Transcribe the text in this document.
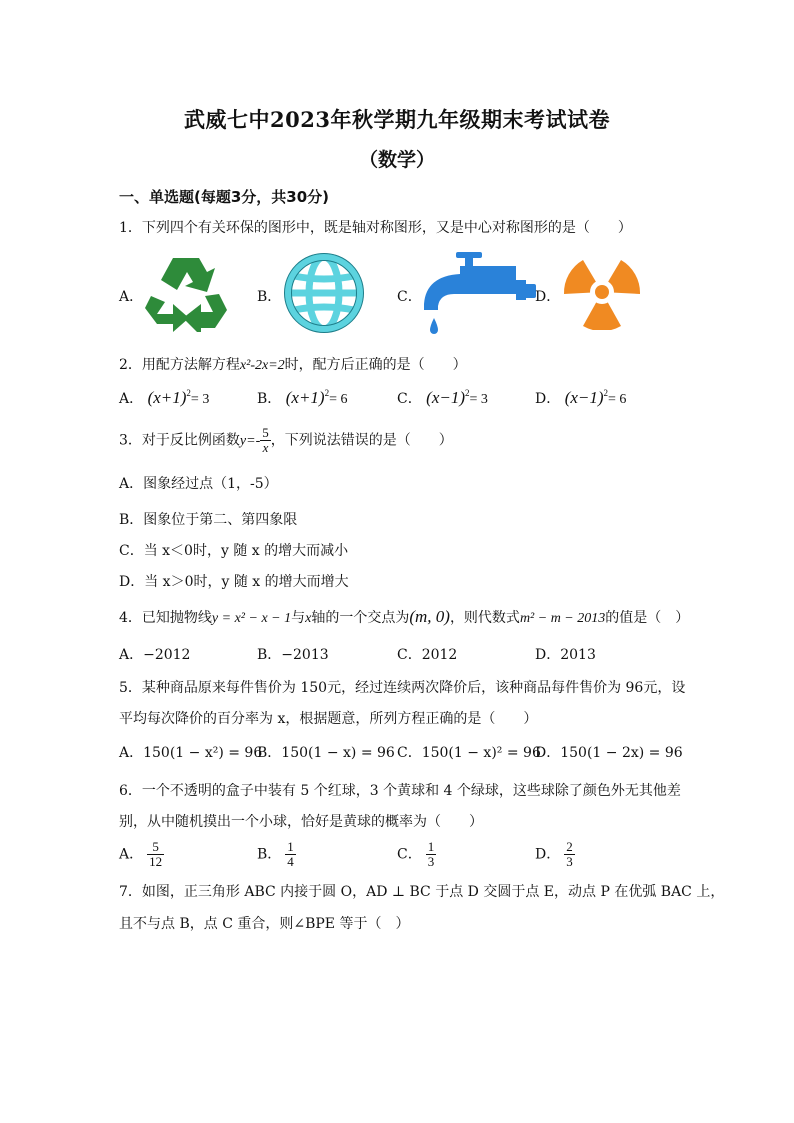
武威七中2023年秋学期九年级期末考试试卷
（数学）
一、单选题(每题3分，共30分)
1．下列四个有关环保的图形中，既是轴对称图形，又是中心对称图形的是（　　）
A．	B．	C．	D．
2．用配方法解方程x²-2x=2时，配方后正确的是（　　）
A． $(x+1)^2= 3$	B． $(x+1)^2= 6$	C． $(x-1)^2= 3$	D． $(x-1)^2= 6$
3．对于反比例函数$y=- \frac{5}{x}$ ，下列说法错误的是（　　）
A．图象经过点（1，-5）
B．图象位于第二、第四象限
C．当 x＜0时，y 随 x 的增大而减小
D．当 x＞0时，y 随 x 的增大而增大
4．已知抛物线y = x² − x − 1与x轴的一个交点为(m, 0)，则代数式m² − m − 2013的值是（　）
A．−2012	B．−2013	C．2012	D．2013
5．某种商品原来每件售价为 150元，经过连续两次降价后，该种商品每件售价为 96元，设
平均每次降价的百分率为 x，根据题意，所列方程正确的是（　　）
A．150(1 − x²) = 96
B．150(1 − x) = 96 C．150(1 − x)² = 96
D．150(1 − 2x) = 96
6．一个不透明的盒子中装有 5 个红球，3 个黄球和 4 个绿球，这些球除了颜色外无其他差
别，从中随机摸出一个小球，恰好是黄球的概率为（　　）
A． $\frac{5}{12}$	B． $\frac{1}{4}$	C． $\frac{1}{3}$	D． $\frac{2}{3}$
7．如图，正三角形 ABC 内接于圆 O，AD ⊥ BC 于点 D 交圆于点 E，动点 P 在优弧 BAC 上，
且不与点 B，点 C 重合，则∠BPE 等于（　）
